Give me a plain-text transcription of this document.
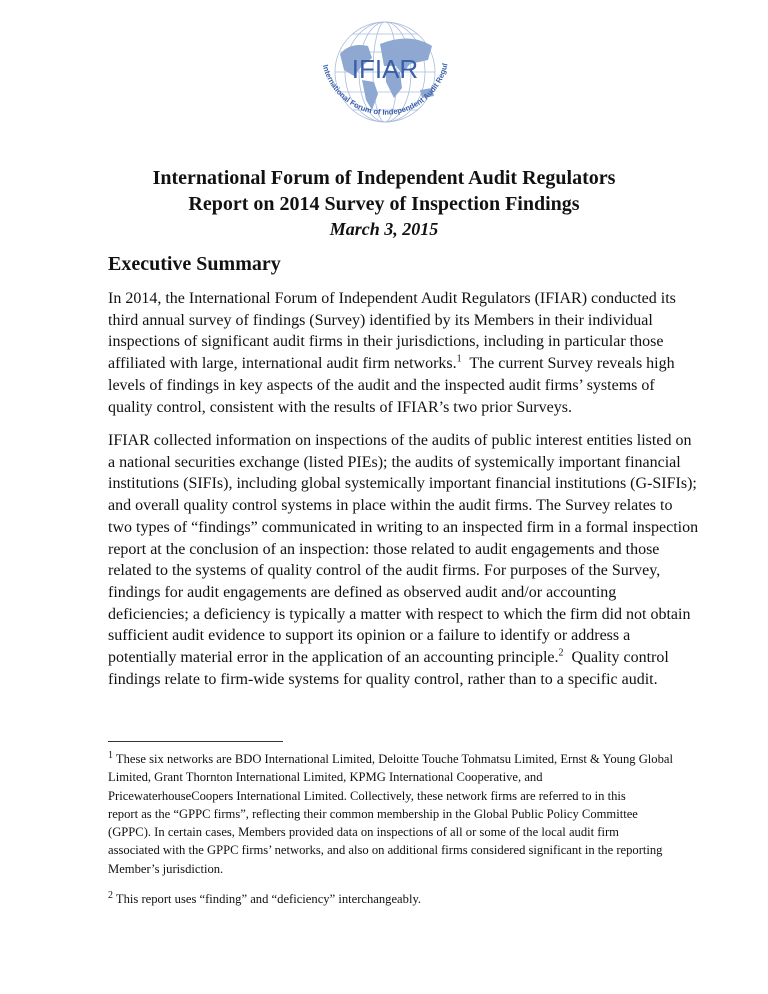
IFIAR
International Forum of Independent Audit Regul
International Forum of Independent Audit Regulators
Report on 2014 Survey of Inspection Findings
March 3, 2015
Executive Summary
In 2014, the International Forum of Independent Audit Regulators (IFIAR) conducted its
third annual survey of findings (Survey) identified by its Members in their individual
inspections of significant audit firms in their jurisdictions, including in particular those
affiliated with large, international audit firm networks.$^1$  The current Survey reveals high
levels of findings in key aspects of the audit and the inspected audit firms’ systems of
quality control, consistent with the results of IFIAR’s two prior Surveys.
IFIAR collected information on inspections of the audits of public interest entities listed on
a national securities exchange (listed PIEs); the audits of systemically important financial
institutions (SIFIs), including global systemically important financial institutions (G-SIFIs);
and overall quality control systems in place within the audit firms. The Survey relates to
two types of “findings” communicated in writing to an inspected firm in a formal inspection
report at the conclusion of an inspection: those related to audit engagements and those
related to the systems of quality control of the audit firms. For purposes of the Survey,
findings for audit engagements are defined as observed audit and/or accounting
deficiencies; a deficiency is typically a matter with respect to which the firm did not obtain
sufficient audit evidence to support its opinion or a failure to identify or address a
potentially material error in the application of an accounting principle.$^2$  Quality control
findings relate to firm-wide systems for quality control, rather than to a specific audit.
$^1$ These six networks are BDO International Limited, Deloitte Touche Tohmatsu Limited, Ernst & Young Global
Limited, Grant Thornton International Limited, KPMG International Cooperative, and
PricewaterhouseCoopers International Limited. Collectively, these network firms are referred to in this
report as the “GPPC firms”, reflecting their common membership in the Global Public Policy Committee
(GPPC). In certain cases, Members provided data on inspections of all or some of the local audit firm
associated with the GPPC firms’ networks, and also on additional firms considered significant in the reporting
Member’s jurisdiction.
$^2$ This report uses “finding” and “deficiency” interchangeably.
